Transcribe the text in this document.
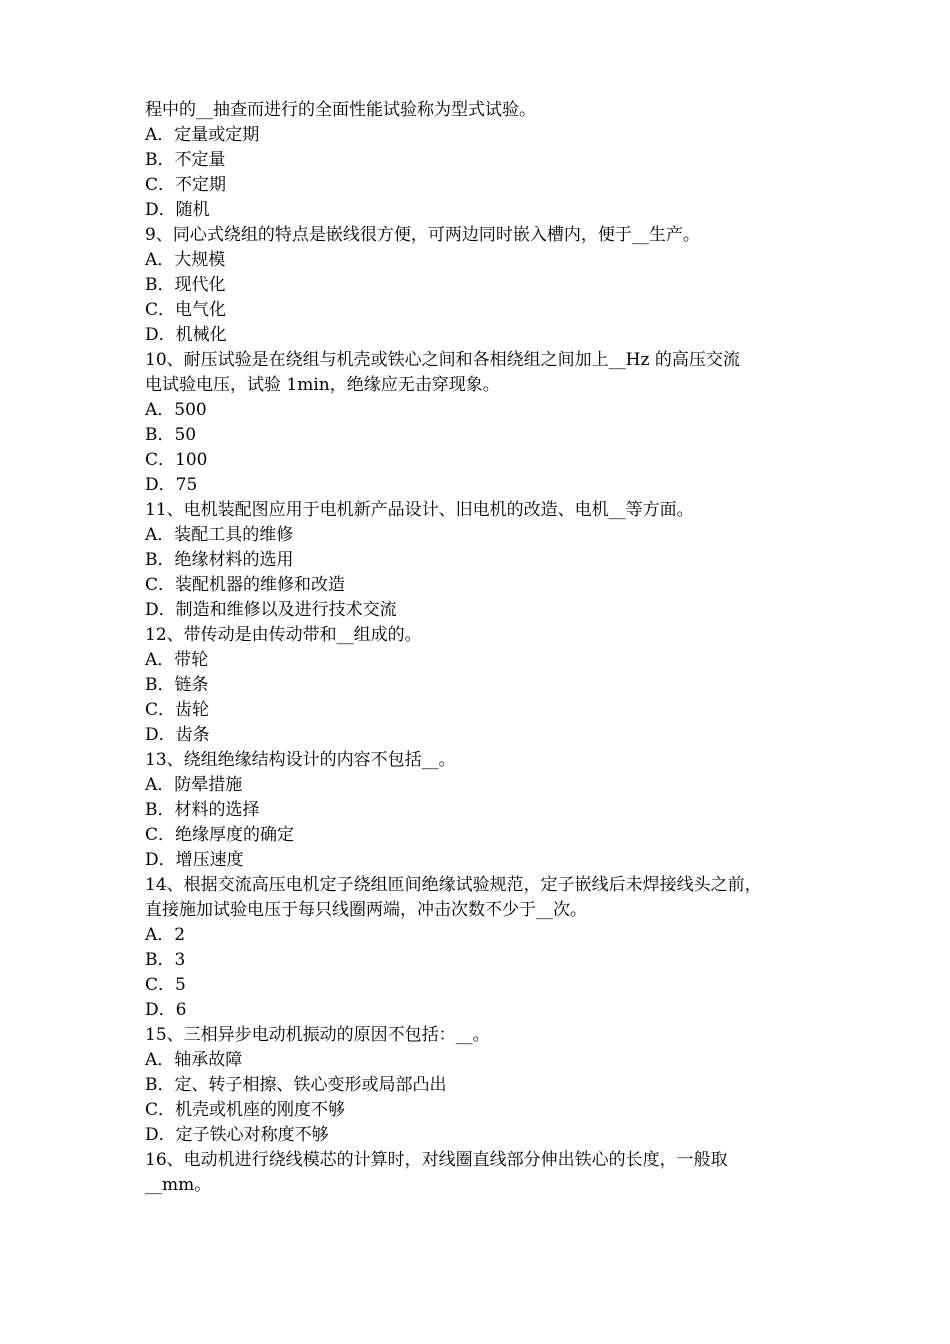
程中的__抽查而进行的全面性能试验称为型式试验。
A．定量或定期
B．不定量
C．不定期
D．随机
9、同心式绕组的特点是嵌线很方便，可两边同时嵌入槽内，便于__生产。
A．大规模
B．现代化
C．电气化
D．机械化
10、耐压试验是在绕组与机壳或铁心之间和各相绕组之间加上__Hz 的高压交流
电试验电压，试验 1min，绝缘应无击穿现象。
A．500
B．50
C．100
D．75
11、电机装配图应用于电机新产品设计、旧电机的改造、电机__等方面。
A．装配工具的维修
B．绝缘材料的选用
C．装配机器的维修和改造
D．制造和维修以及进行技术交流
12、带传动是由传动带和__组成的。
A．带轮
B．链条
C．齿轮
D．齿条
13、绕组绝缘结构设计的内容不包括__。
A．防晕措施
B．材料的选择
C．绝缘厚度的确定
D．增压速度
14、根据交流高压电机定子绕组匝间绝缘试验规范，定子嵌线后未焊接线头之前，
直接施加试验电压于每只线圈两端，冲击次数不少于__次。
A．2
B．3
C．5
D．6
15、三相异步电动机振动的原因不包括：__。
A．轴承故障
B．定、转子相擦、铁心变形或局部凸出
C．机壳或机座的刚度不够
D．定子铁心对称度不够
16、电动机进行绕线模芯的计算时，对线圈直线部分伸出铁心的长度，一般取
__mm。
